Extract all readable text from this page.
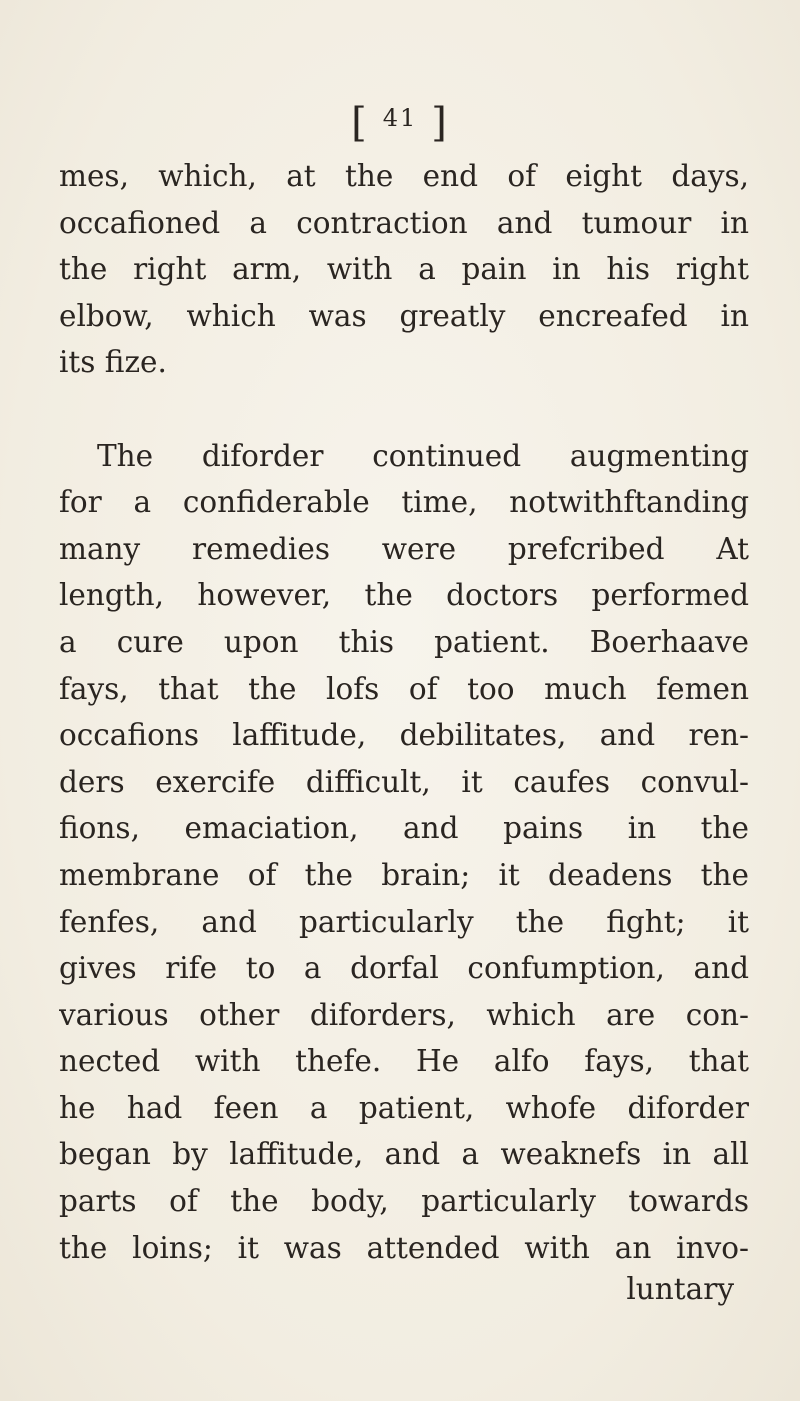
[ $^{41}$ ]
mes, which, at the end of eight days,
occafioned a contraction and tumour in
the right arm, with a pain in his right
elbow, which was greatly encreafed in
its fize.
The diforder continued augmenting
for a confiderable time, notwithftanding
many remedies were prefcribed At
length, however, the doctors performed
a cure upon this patient. Boerhaave
fays, that the lofs of too much femen
occafions laffitude, debilitates, and ren-
ders exercife difficult, it caufes convul-
fions, emaciation, and pains in the
membrane of the brain; it deadens the
fenfes, and particularly the fight; it
gives rife to a dorfal confumption, and
various other diforders, which are con-
nected with thefe. He alfo fays, that
he had feen a patient, whofe diforder
began by laffitude, and a weaknefs in all
parts of the body, particularly towards
the loins; it was attended with an invo-
luntary
